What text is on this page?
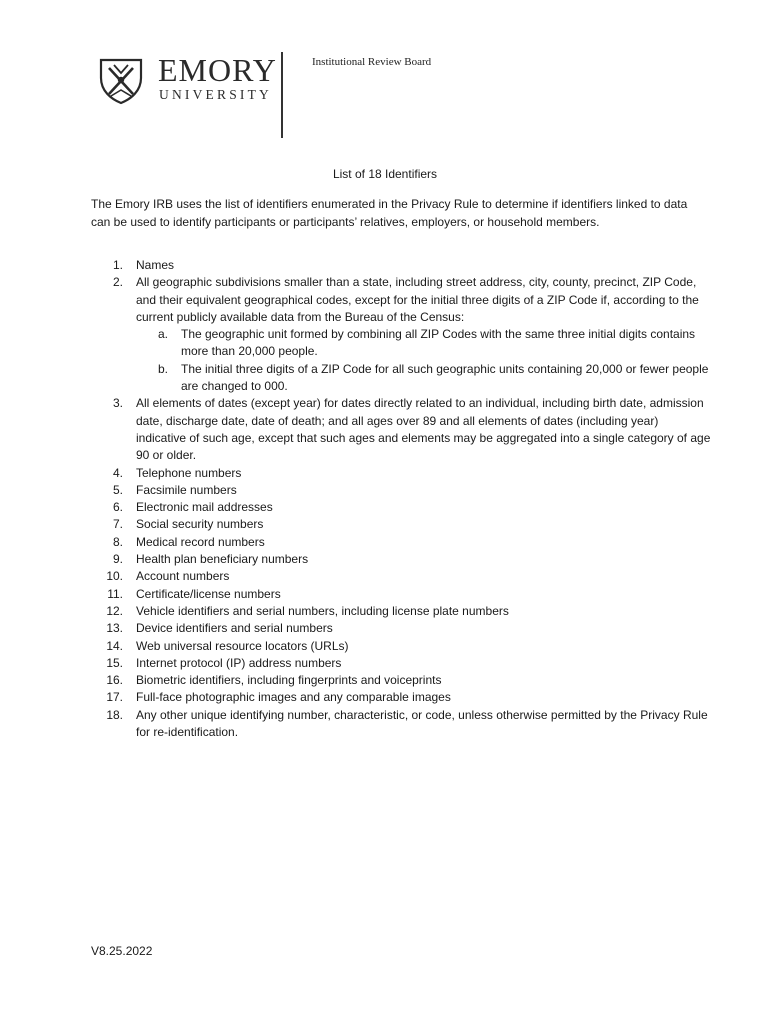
EMORY
UNIVERSITY
Institutional Review Board
List of 18 Identifiers

The Emory IRB uses the list of identifiers enumerated in the Privacy Rule to determine if identifiers linked to data can be used to identify participants or participants’ relatives, employers, or household members.

1. Names
2. All geographic subdivisions smaller than a state, including street address, city, county, precinct, ZIP Code, and their equivalent geographical codes, except for the initial three digits of a ZIP Code if, according to the current publicly available data from the Bureau of the Census:
a. The geographic unit formed by combining all ZIP Codes with the same three initial digits contains more than 20,000 people.
b. The initial three digits of a ZIP Code for all such geographic units containing 20,000 or fewer people are changed to 000.
3. All elements of dates (except year) for dates directly related to an individual, including birth date, admission date, discharge date, date of death; and all ages over 89 and all elements of dates (including year) indicative of such age, except that such ages and elements may be aggregated into a single category of age 90 or older.
4. Telephone numbers
5. Facsimile numbers
6. Electronic mail addresses
7. Social security numbers
8. Medical record numbers
9. Health plan beneficiary numbers
10. Account numbers
11. Certificate/license numbers
12. Vehicle identifiers and serial numbers, including license plate numbers
13. Device identifiers and serial numbers
14. Web universal resource locators (URLs)
15. Internet protocol (IP) address numbers
16. Biometric identifiers, including fingerprints and voiceprints
17. Full-face photographic images and any comparable images
18. Any other unique identifying number, characteristic, or code, unless otherwise permitted by the Privacy Rule for re-identification.
V8.25.2022
